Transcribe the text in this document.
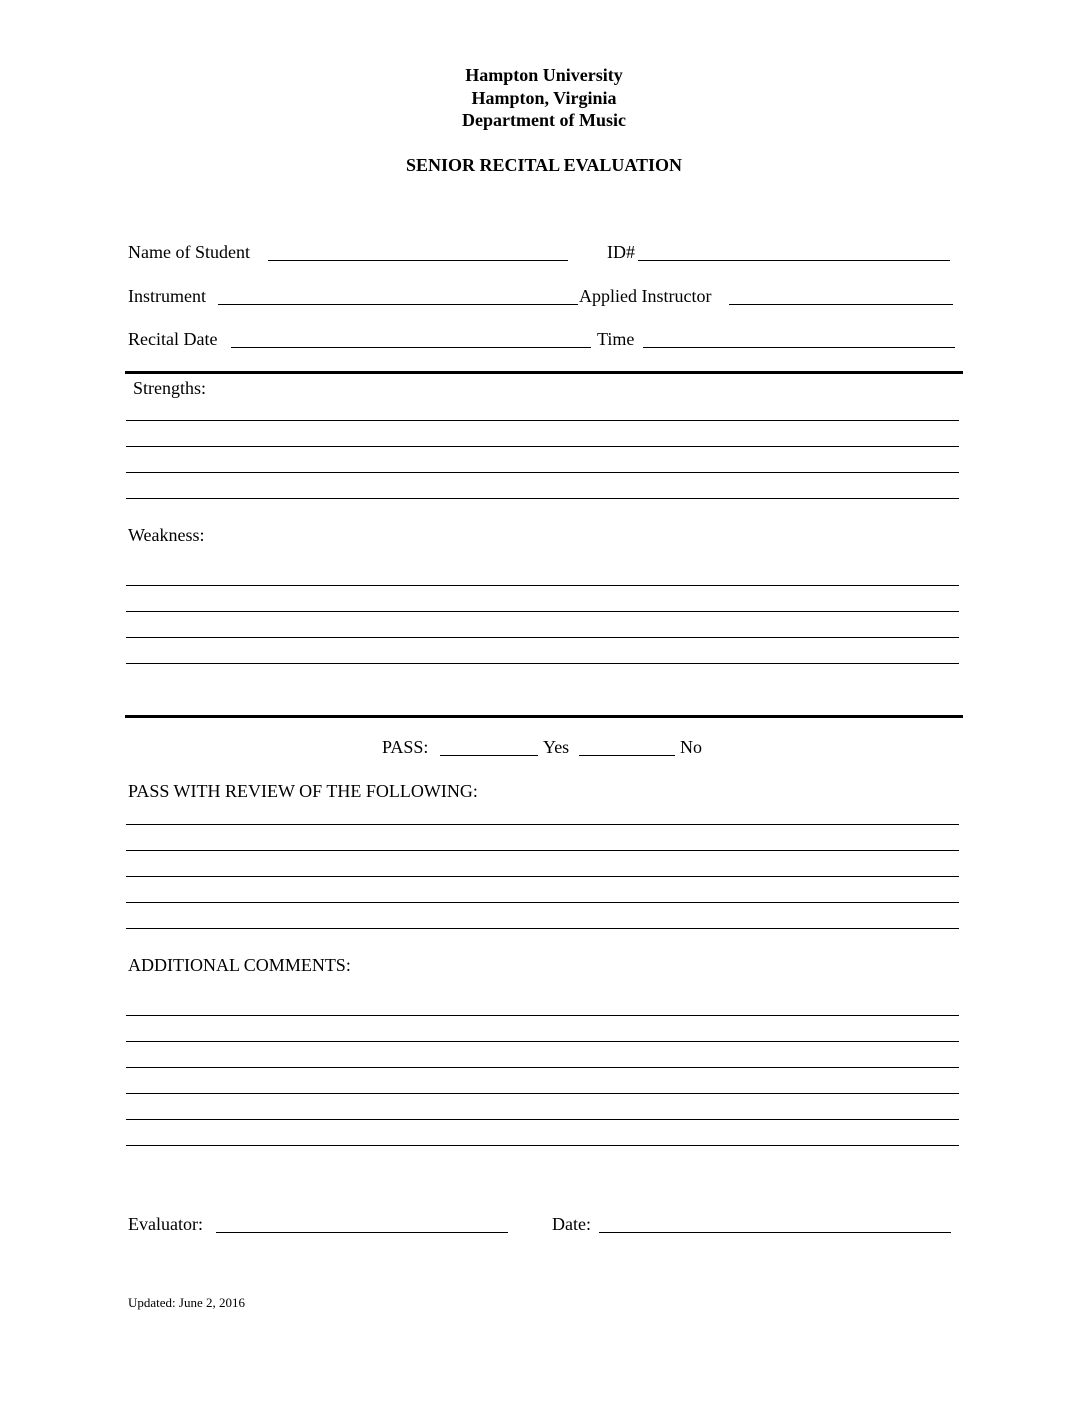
Hampton University
Hampton, Virginia
Department of Music
SENIOR RECITAL EVALUATION
Name of Student	ID#
Instrument	Applied Instructor
Recital Date	Time
Strengths:
Weakness:
PASS:	Yes	No
PASS WITH REVIEW OF THE FOLLOWING:
ADDITIONAL COMMENTS:
Evaluator:	Date:
Updated: June 2, 2016
